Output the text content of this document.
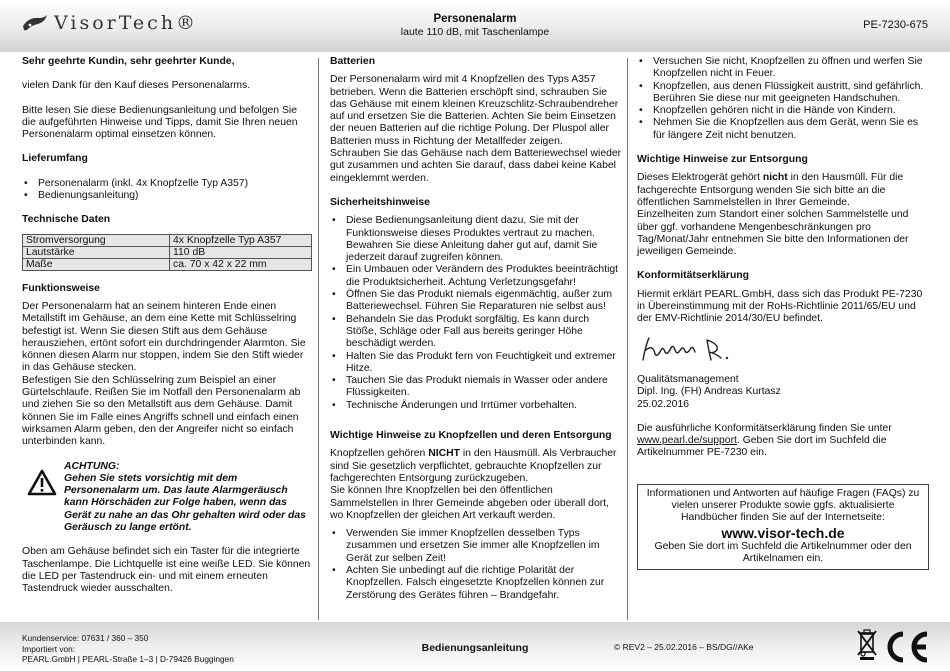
VisorTech®	Personenalarm
laute 110 dB, mit Taschenlampe
PE-7230-675
Sehr geehrte Kundin, sehr geehrter Kunde,

vielen Dank für den Kauf dieses Personenalarms.

Bitte lesen Sie diese Bedienungsanleitung und befolgen Sie die aufgeführten Hinweise und Tipps, damit Sie Ihren neuen Personenalarm optimal einsetzen können.

Lieferumfang
• Personenalarm (inkl. 4x Knopfzelle Typ A357)
• Bedienungsanleitung)
Technische Daten
Stromversorgung	4x Knopfzelle Typ A357
Lautstärke	110 dB
Maße	ca. 70 x 42 x 22 mm
Funktionsweise

Der Personenalarm hat an seinem hinteren Ende einen Metallstift im Gehäuse, an dem eine Kette mit Schlüsselring befestigt ist. Wenn Sie diesen Stift aus dem Gehäuse herausziehen, ertönt sofort ein durchdringender Alarmton. Sie können diesen Alarm nur stoppen, indem Sie den Stift wieder in das Gehäuse stecken.

Befestigen Sie den Schlüsselring zum Beispiel an einer Gürtelschlaufe. Reißen Sie im Notfall den Personenalarm ab und ziehen Sie so den Metallstift aus dem Gehäuse. Damit können Sie im Falle eines Angriffs schnell und einfach einen wirksamen Alarm geben, den der Angreifer nicht so einfach unterbinden kann.

ACHTUNG:
Gehen Sie stets vorsichtig mit dem Personenalarm um. Das laute Alarmgeräusch kann Hörschäden zur Folge haben, wenn das Gerät zu nahe an das Ohr gehalten wird oder das Geräusch zu lange ertönt.

Oben am Gehäuse befindet sich ein Taster für die integrierte Taschenlampe. Die Lichtquelle ist eine weiße LED. Sie können die LED per Tastendruck ein- und mit einem erneuten Tastendruck wieder ausschalten.

Batterien

Der Personenalarm wird mit 4 Knopfzellen des Typs A357 betrieben. Wenn die Batterien erschöpft sind, schrauben Sie das Gehäuse mit einem kleinen Kreuzschlitz-Schraubendreher auf und ersetzen Sie die Batterien. Achten Sie beim Einsetzen der neuen Batterien auf die richtige Polung. Der Pluspol aller Batterien muss in Richtung der Metallfeder zeigen.

Schrauben Sie das Gehäuse nach dem Batteriewechsel wieder gut zusammen und achten Sie darauf, dass dabei keine Kabel eingeklemmt werden.

Sicherheitshinweise
• Diese Bedienungsanleitung dient dazu, Sie mit der Funktionsweise dieses Produktes vertraut zu machen. Bewahren Sie diese Anleitung daher gut auf, damit Sie jederzeit darauf zugreifen können.
• Ein Umbauen oder Verändern des Produktes beeinträchtigt die Produktsicherheit. Achtung Verletzungsgefahr!
• Öffnen Sie das Produkt niemals eigenmächtig, außer zum Batteriewechsel. Führen Sie Reparaturen nie selbst aus!
• Behandeln Sie das Produkt sorgfältig. Es kann durch Stöße, Schläge oder Fall aus bereits geringer Höhe beschädigt werden.
• Halten Sie das Produkt fern von Feuchtigkeit und extremer Hitze.
• Tauchen Sie das Produkt niemals in Wasser oder andere Flüssigkeiten.
• Technische Änderungen und Irrtümer vorbehalten.
Wichtige Hinweise zu Knopfzellen und deren Entsorgung

Knopfzellen gehören NICHT in den Hausmüll. Als Verbraucher sind Sie gesetzlich verpflichtet, gebrauchte Knopfzellen zur fachgerechten Entsorgung zurückzugeben.

Sie können Ihre Knopfzellen bei den öffentlichen Sammelstellen in Ihrer Gemeinde abgeben oder überall dort, wo Knopfzellen der gleichen Art verkauft werden.

• Verwenden Sie immer Knopfzellen desselben Typs zusammen und ersetzen Sie immer alle Knopfzellen im Gerät zur selben Zeit!
• Achten Sie unbedingt auf die richtige Polarität der Knopfzellen. Falsch eingesetzte Knopfzellen können zur Zerstörung des Gerätes führen – Brandgefahr.
• Versuchen Sie nicht, Knopfzellen zu öffnen und werfen Sie Knopfzellen nicht in Feuer.
• Knopfzellen, aus denen Flüssigkeit austritt, sind gefährlich. Berühren Sie diese nur mit geeigneten Handschuhen.
• Knopfzellen gehören nicht in die Hände von Kindern.
• Nehmen Sie die Knopfzellen aus dem Gerät, wenn Sie es für längere Zeit nicht benutzen.
Wichtige Hinweise zur Entsorgung

Dieses Elektrogerät gehört nicht in den Hausmüll. Für die fachgerechte Entsorgung wenden Sie sich bitte an die öffentlichen Sammelstellen in Ihrer Gemeinde.

Einzelheiten zum Standort einer solchen Sammelstelle und über ggf. vorhandene Mengenbeschränkungen pro Tag/Monat/Jahr entnehmen Sie bitte den Informationen der jeweiligen Gemeinde.

Konformitätserklärung

Hiermit erklärt PEARL.GmbH, dass sich das Produkt PE-7230 in Übereinstimmung mit der RoHs-Richtlinie 2011/65/EU und der EMV-Richtlinie 2014/30/EU befindet.

Qualitätsmanagement

Dipl. Ing. (FH) Andreas Kurtasz

25.02.2016

Die ausführliche Konformitätserklärung finden Sie unter www.pearl.de/support. Geben Sie dort im Suchfeld die Artikelnummer PE-7230 ein.

Informationen und Antworten auf häufige Fragen (FAQs) zu vielen unserer Produkte sowie ggfs. aktualisierte Handbücher finden Sie auf der Internetseite:

www.visor-tech.de

Geben Sie dort im Suchfeld die Artikelnummer oder den Artikelnamen ein.

Kundenservice: 07631 / 360 – 350
Importiert von:
PEARL.GmbH | PEARL-Straße 1–3 | D-79426 Buggingen
Bedienungsanleitung	© REV2 – 25.02.2016 – BS/DG//AKe
